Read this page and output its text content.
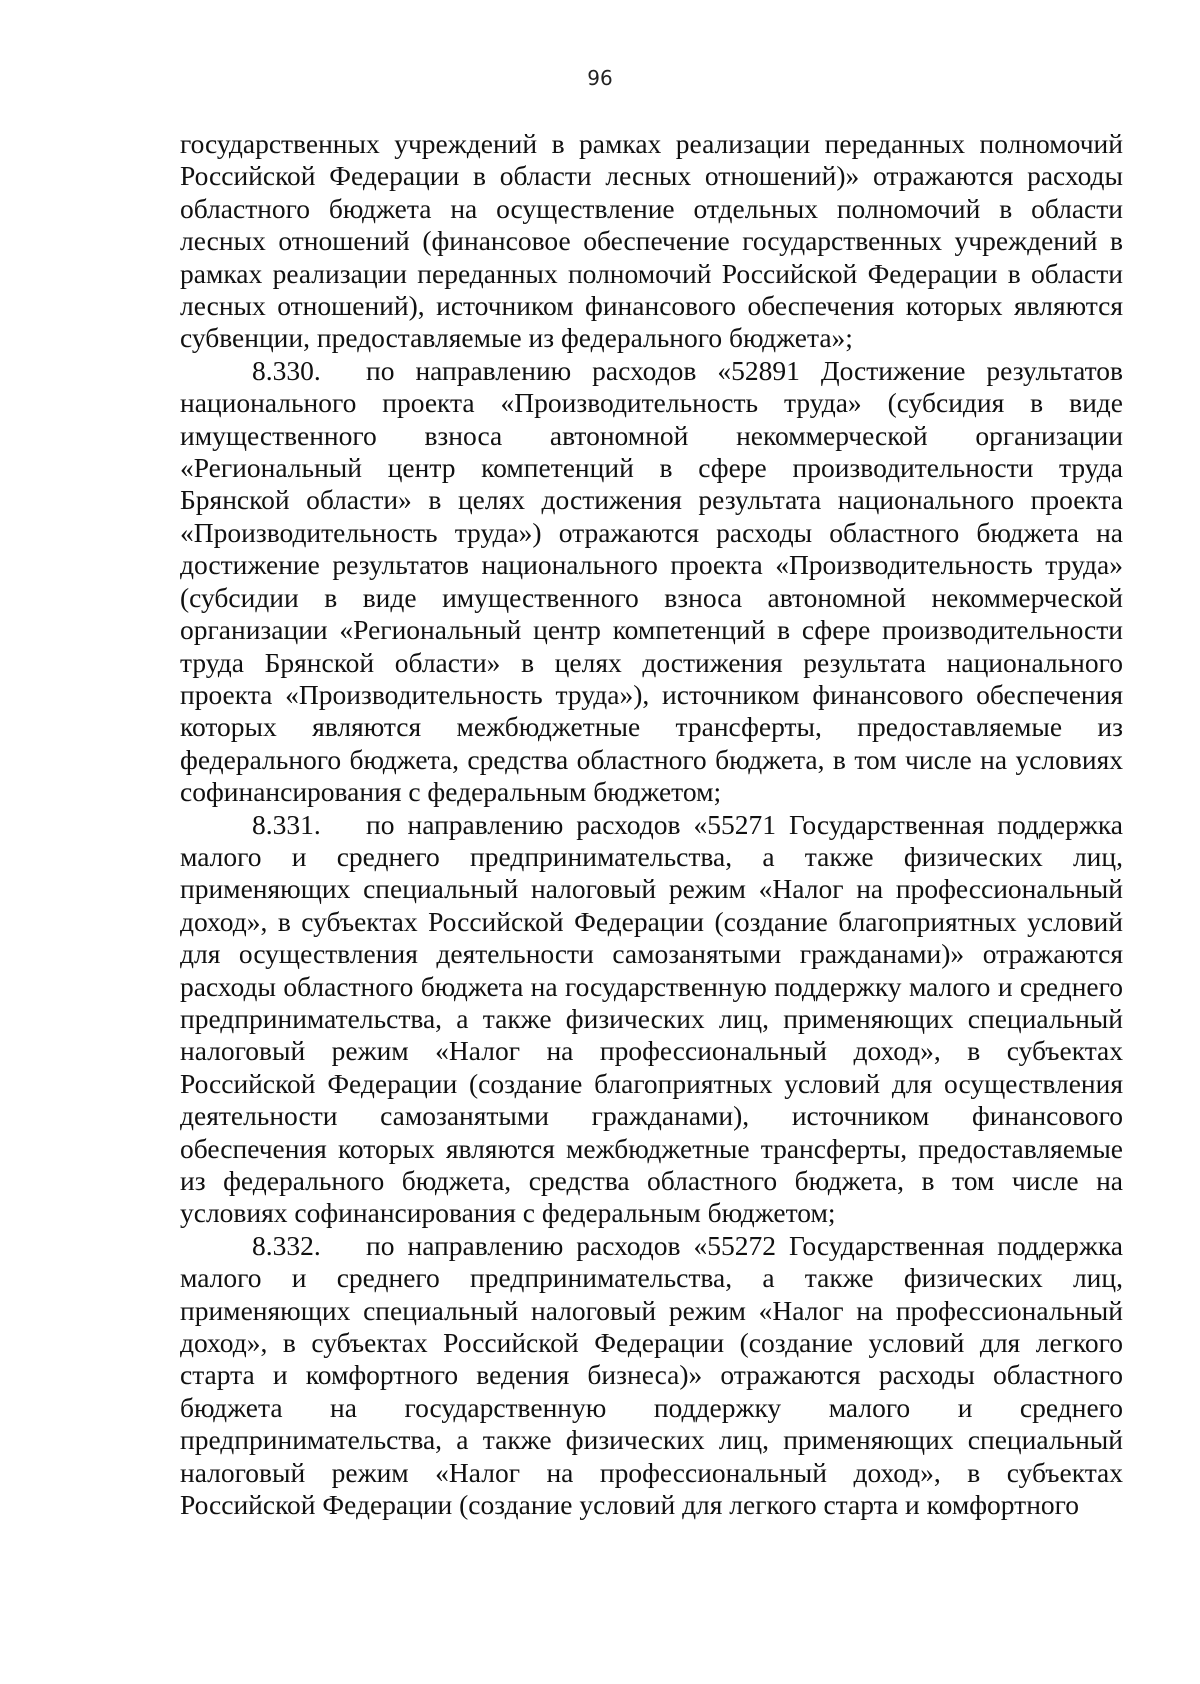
96

государственных учреждений в рамках реализации переданных полномочий Российской Федерации в области лесных отношений)» отражаются расходы областного бюджета на осуществление отдельных полномочий в области лесных отношений (финансовое обеспечение государственных учреждений в рамках реализации переданных полномочий Российской Федерации в области лесных отношений), источником финансового обеспечения которых являются субвенции, предоставляемые из федерального бюджета»;

8.330. по направлению расходов «52891 Достижение результатов национального проекта «Производительность труда» (субсидия в виде имущественного взноса автономной некоммерческой организации «Региональный центр компетенций в сфере производительности труда Брянской области» в целях достижения результата национального проекта «Производительность труда») отражаются расходы областного бюджета на достижение результатов национального проекта «Производительность труда» (субсидии в виде имущественного взноса автономной некоммерческой организации «Региональный центр компетенций в сфере производительности труда Брянской области» в целях достижения результата национального проекта «Производительность труда»), источником финансового обеспечения которых являются межбюджетные трансферты, предоставляемые из федерального бюджета, средства областного бюджета, в том числе на условиях софинансирования с федеральным бюджетом;

8.331. по направлению расходов «55271 Государственная поддержка малого и среднего предпринимательства, а также физических лиц, применяющих специальный налоговый режим «Налог на профессиональный доход», в субъектах Российской Федерации (создание благоприятных условий для осуществления деятельности самозанятыми гражданами)» отражаются расходы областного бюджета на государственную поддержку малого и среднего предпринимательства, а также физических лиц, применяющих специальный налоговый режим «Налог на профессиональный доход», в субъектах Российской Федерации (создание благоприятных условий для осуществления деятельности самозанятыми гражданами), источником финансового обеспечения которых являются межбюджетные трансферты, предоставляемые из федерального бюджета, средства областного бюджета, в том числе на условиях софинансирования с федеральным бюджетом;

8.332. по направлению расходов «55272 Государственная поддержка малого и среднего предпринимательства, а также физических лиц, применяющих специальный налоговый режим «Налог на профессиональный доход», в субъектах Российской Федерации (создание условий для легкого старта и комфортного ведения бизнеса)» отражаются расходы областного бюджета на государственную поддержку малого и среднего предпринимательства, а также физических лиц, применяющих специальный налоговый режим «Налог на профессиональный доход», в субъектах Российской Федерации (создание условий для легкого старта и комфортного
